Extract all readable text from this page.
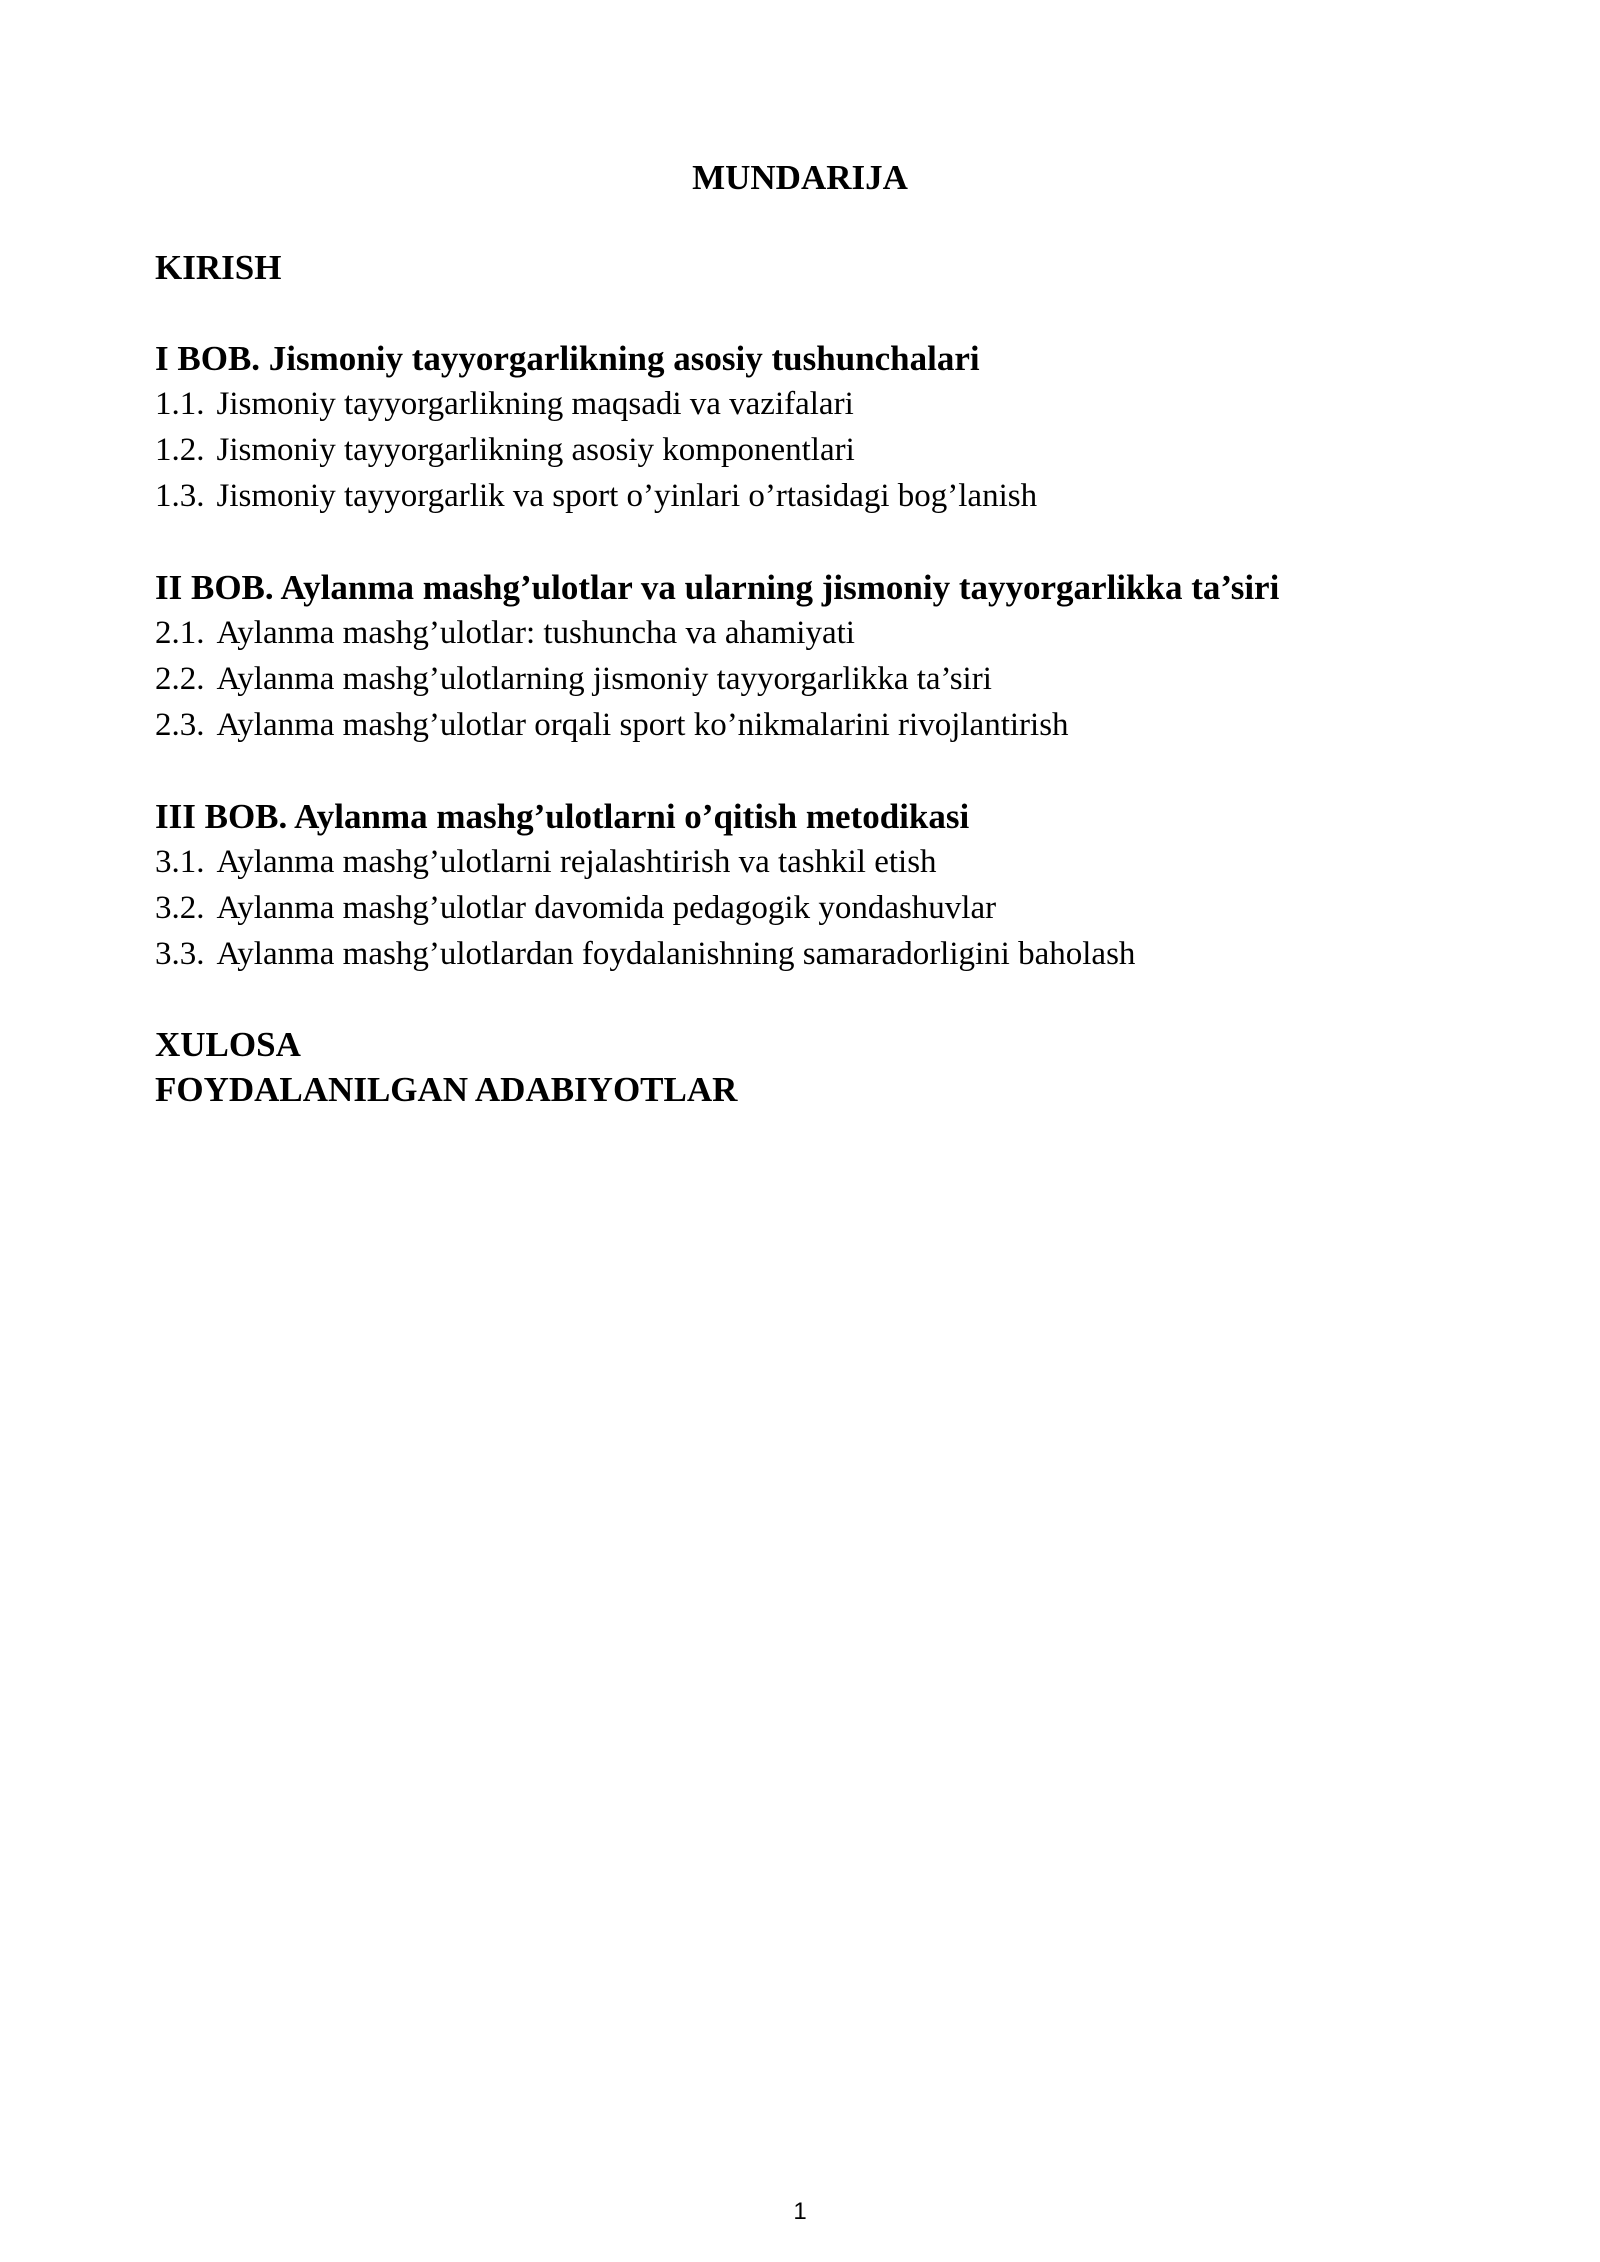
MUNDARIJA
KIRISH
I BOB. Jismoniy tayyorgarlikning asosiy tushunchalari
1.1. Jismoniy tayyorgarlikning maqsadi va vazifalari
1.2. Jismoniy tayyorgarlikning asosiy komponentlari
1.3. Jismoniy tayyorgarlik va sport o’yinlari o’rtasidagi bog’lanish
II BOB. Aylanma mashg’ulotlar va ularning jismoniy tayyorgarlikka ta’siri
2.1. Aylanma mashg’ulotlar: tushuncha va ahamiyati
2.2. Aylanma mashg’ulotlarning jismoniy tayyorgarlikka ta’siri
2.3. Aylanma mashg’ulotlar orqali sport ko’nikmalarini rivojlantirish
III BOB. Aylanma mashg’ulotlarni o’qitish metodikasi
3.1. Aylanma mashg’ulotlarni rejalashtirish va tashkil etish
3.2. Aylanma mashg’ulotlar davomida pedagogik yondashuvlar
3.3. Aylanma mashg’ulotlardan foydalanishning samaradorligini baholash
XULOSA
FOYDALANILGAN ADABIYOTLAR
1
